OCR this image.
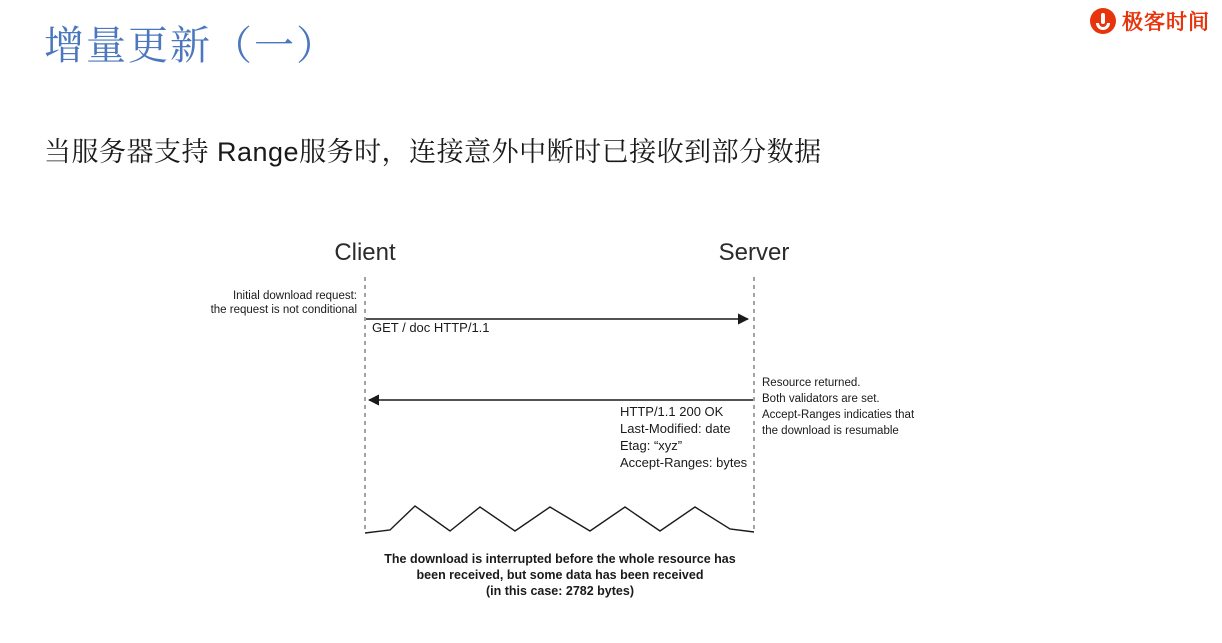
极客时间
增量更新（一）
当服务器支持 Range服务时，连接意外中断时已接收到部分数据
Client	Server
Initial download request:
the request is not conditional
GET / doc HTTP/1.1
HTTP/1.1 200 OK
Last-Modified: date
Etag: “xyz”
Accept-Ranges: bytes
Resource returned.
Both validators are set.
Accept-Ranges indicaties that
the download is resumable
The download is interrupted before the whole resource has
been received, but some data has been received
(in this case: 2782 bytes)
